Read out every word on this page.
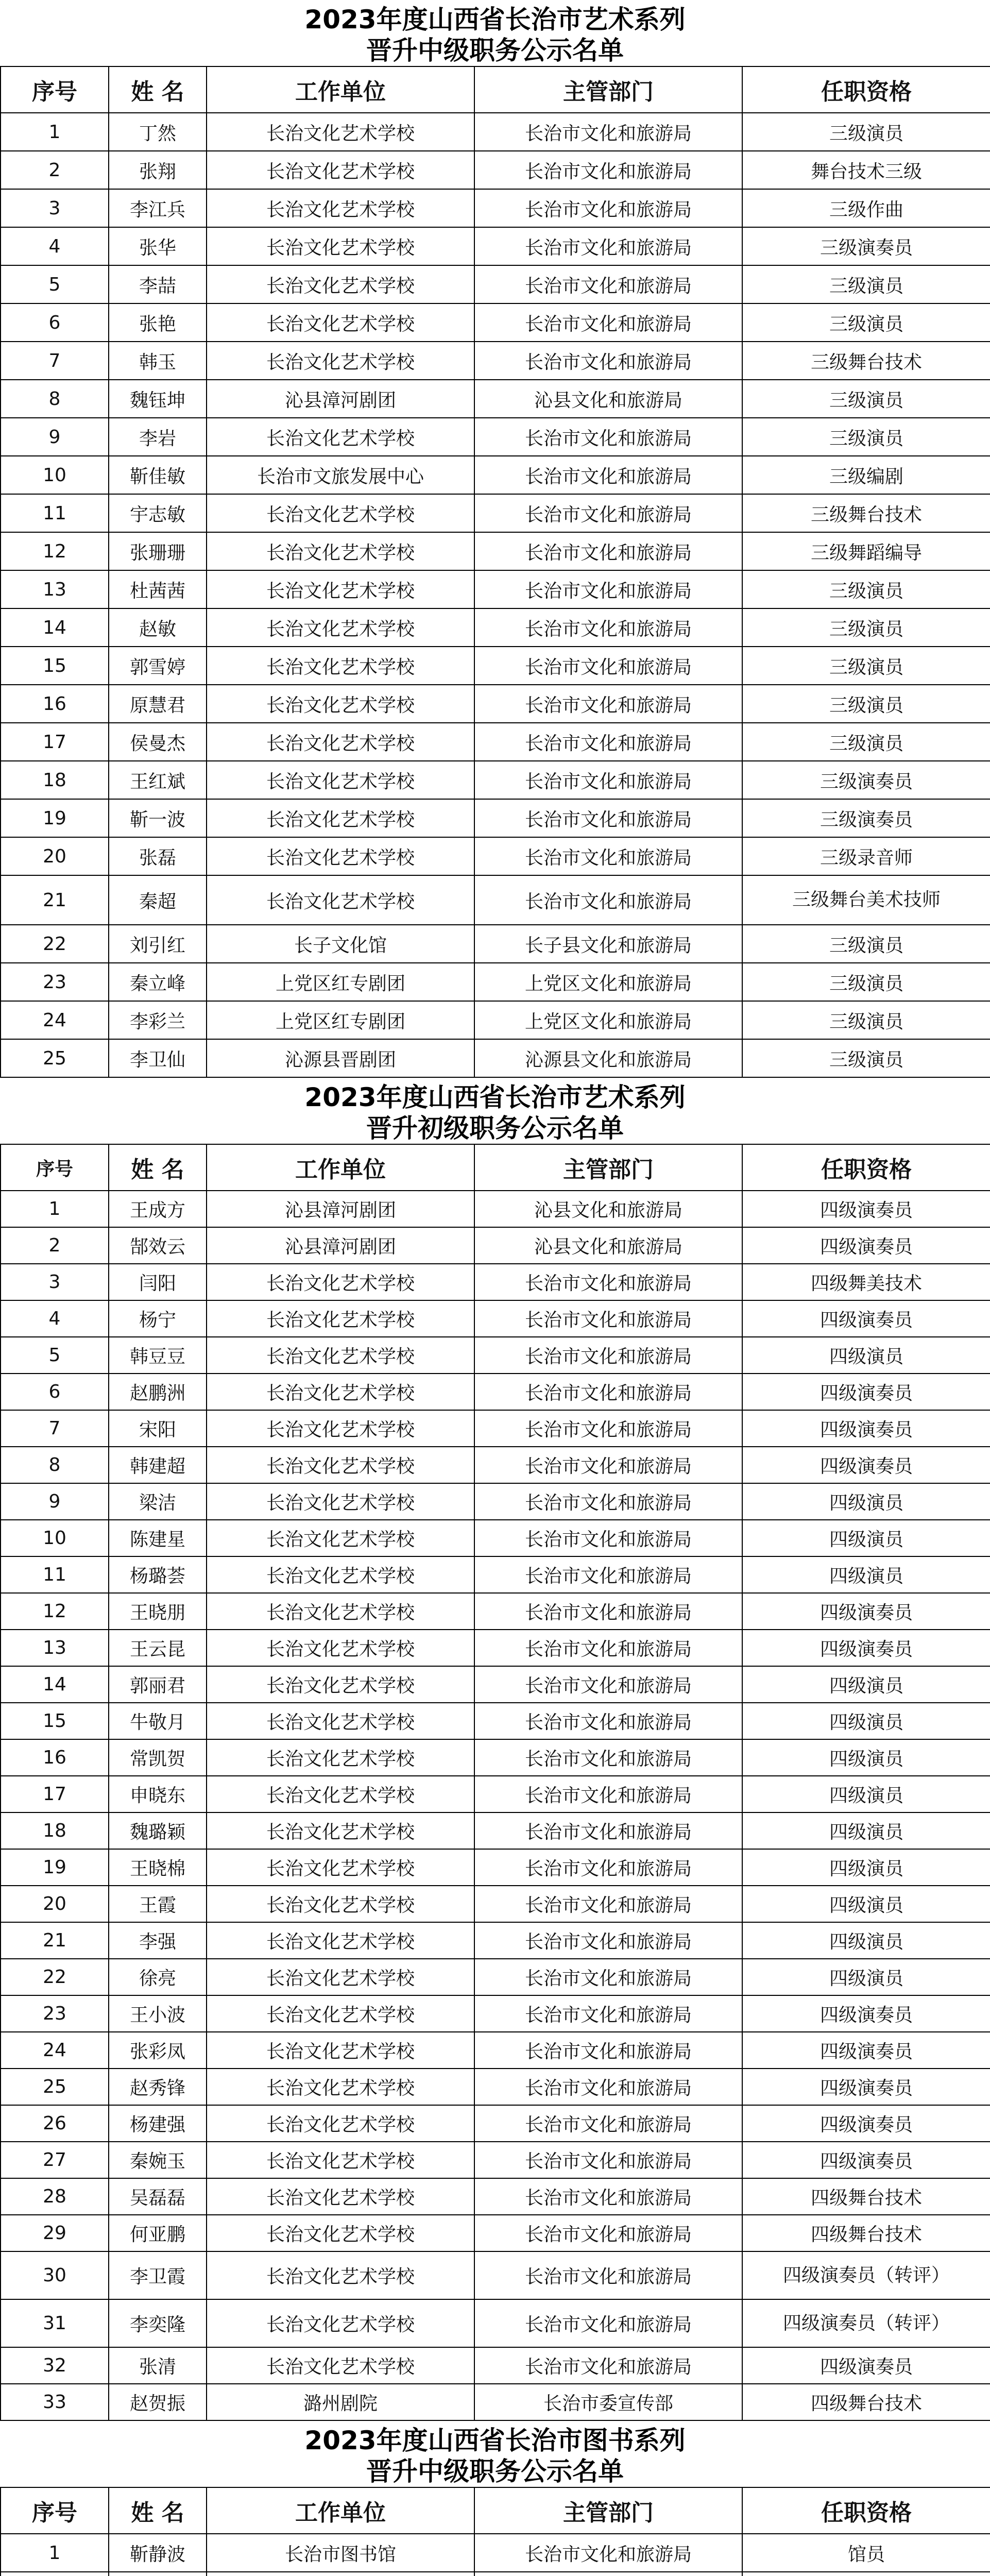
2023年度山西省长治市艺术系列
晋升中级职务公示名单
序号	姓 名	工作单位	主管部门	任职资格
1	丁然	长治文化艺术学校	长治市文化和旅游局	三级演员
2	张翔	长治文化艺术学校	长治市文化和旅游局	舞台技术三级
3	李江兵	长治文化艺术学校	长治市文化和旅游局	三级作曲
4	张华	长治文化艺术学校	长治市文化和旅游局	三级演奏员
5	李喆	长治文化艺术学校	长治市文化和旅游局	三级演员
6	张艳	长治文化艺术学校	长治市文化和旅游局	三级演员
7	韩玉	长治文化艺术学校	长治市文化和旅游局	三级舞台技术
8	魏钰坤	沁县漳河剧团	沁县文化和旅游局	三级演员
9	李岩	长治文化艺术学校	长治市文化和旅游局	三级演员
10	靳佳敏	长治市文旅发展中心	长治市文化和旅游局	三级编剧
11	宇志敏	长治文化艺术学校	长治市文化和旅游局	三级舞台技术
12	张珊珊	长治文化艺术学校	长治市文化和旅游局	三级舞蹈编导
13	杜茜茜	长治文化艺术学校	长治市文化和旅游局	三级演员
14	赵敏	长治文化艺术学校	长治市文化和旅游局	三级演员
15	郭雪婷	长治文化艺术学校	长治市文化和旅游局	三级演员
16	原慧君	长治文化艺术学校	长治市文化和旅游局	三级演员
17	侯曼杰	长治文化艺术学校	长治市文化和旅游局	三级演员
18	王红斌	长治文化艺术学校	长治市文化和旅游局	三级演奏员
19	靳一波	长治文化艺术学校	长治市文化和旅游局	三级演奏员
20	张磊	长治文化艺术学校	长治市文化和旅游局	三级录音师
21	秦超	长治文化艺术学校	长治市文化和旅游局	三级舞台美术技师
22	刘引红	长子文化馆	长子县文化和旅游局	三级演员
23	秦立峰	上党区红专剧团	上党区文化和旅游局	三级演员
24	李彩兰	上党区红专剧团	上党区文化和旅游局	三级演员
25	李卫仙	沁源县晋剧团	沁源县文化和旅游局	三级演员
2023年度山西省长治市艺术系列
晋升初级职务公示名单
序号	姓 名	工作单位	主管部门	任职资格
1	王成方	沁县漳河剧团	沁县文化和旅游局	四级演奏员
2	郜效云	沁县漳河剧团	沁县文化和旅游局	四级演奏员
3	闫阳	长治文化艺术学校	长治市文化和旅游局	四级舞美技术
4	杨宁	长治文化艺术学校	长治市文化和旅游局	四级演奏员
5	韩豆豆	长治文化艺术学校	长治市文化和旅游局	四级演员
6	赵鹏洲	长治文化艺术学校	长治市文化和旅游局	四级演奏员
7	宋阳	长治文化艺术学校	长治市文化和旅游局	四级演奏员
8	韩建超	长治文化艺术学校	长治市文化和旅游局	四级演奏员
9	梁洁	长治文化艺术学校	长治市文化和旅游局	四级演员
10	陈建星	长治文化艺术学校	长治市文化和旅游局	四级演员
11	杨璐荟	长治文化艺术学校	长治市文化和旅游局	四级演员
12	王晓朋	长治文化艺术学校	长治市文化和旅游局	四级演奏员
13	王云昆	长治文化艺术学校	长治市文化和旅游局	四级演奏员
14	郭丽君	长治文化艺术学校	长治市文化和旅游局	四级演员
15	牛敬月	长治文化艺术学校	长治市文化和旅游局	四级演员
16	常凯贺	长治文化艺术学校	长治市文化和旅游局	四级演员
17	申晓东	长治文化艺术学校	长治市文化和旅游局	四级演员
18	魏璐颖	长治文化艺术学校	长治市文化和旅游局	四级演员
19	王晓棉	长治文化艺术学校	长治市文化和旅游局	四级演员
20	王霞	长治文化艺术学校	长治市文化和旅游局	四级演员
21	李强	长治文化艺术学校	长治市文化和旅游局	四级演员
22	徐亮	长治文化艺术学校	长治市文化和旅游局	四级演员
23	王小波	长治文化艺术学校	长治市文化和旅游局	四级演奏员
24	张彩凤	长治文化艺术学校	长治市文化和旅游局	四级演奏员
25	赵秀锋	长治文化艺术学校	长治市文化和旅游局	四级演奏员
26	杨建强	长治文化艺术学校	长治市文化和旅游局	四级演奏员
27	秦婉玉	长治文化艺术学校	长治市文化和旅游局	四级演奏员
28	吴磊磊	长治文化艺术学校	长治市文化和旅游局	四级舞台技术
29	何亚鹏	长治文化艺术学校	长治市文化和旅游局	四级舞台技术
30	李卫霞	长治文化艺术学校	长治市文化和旅游局	四级演奏员（转评）
31	李奕隆	长治文化艺术学校	长治市文化和旅游局	四级演奏员（转评）
32	张清	长治文化艺术学校	长治市文化和旅游局	四级演奏员
33	赵贺振	潞州剧院	长治市委宣传部	四级舞台技术
2023年度山西省长治市图书系列
晋升中级职务公示名单
序号	姓 名	工作单位	主管部门	任职资格
1	靳静波	长治市图书馆	长治市文化和旅游局	馆员
